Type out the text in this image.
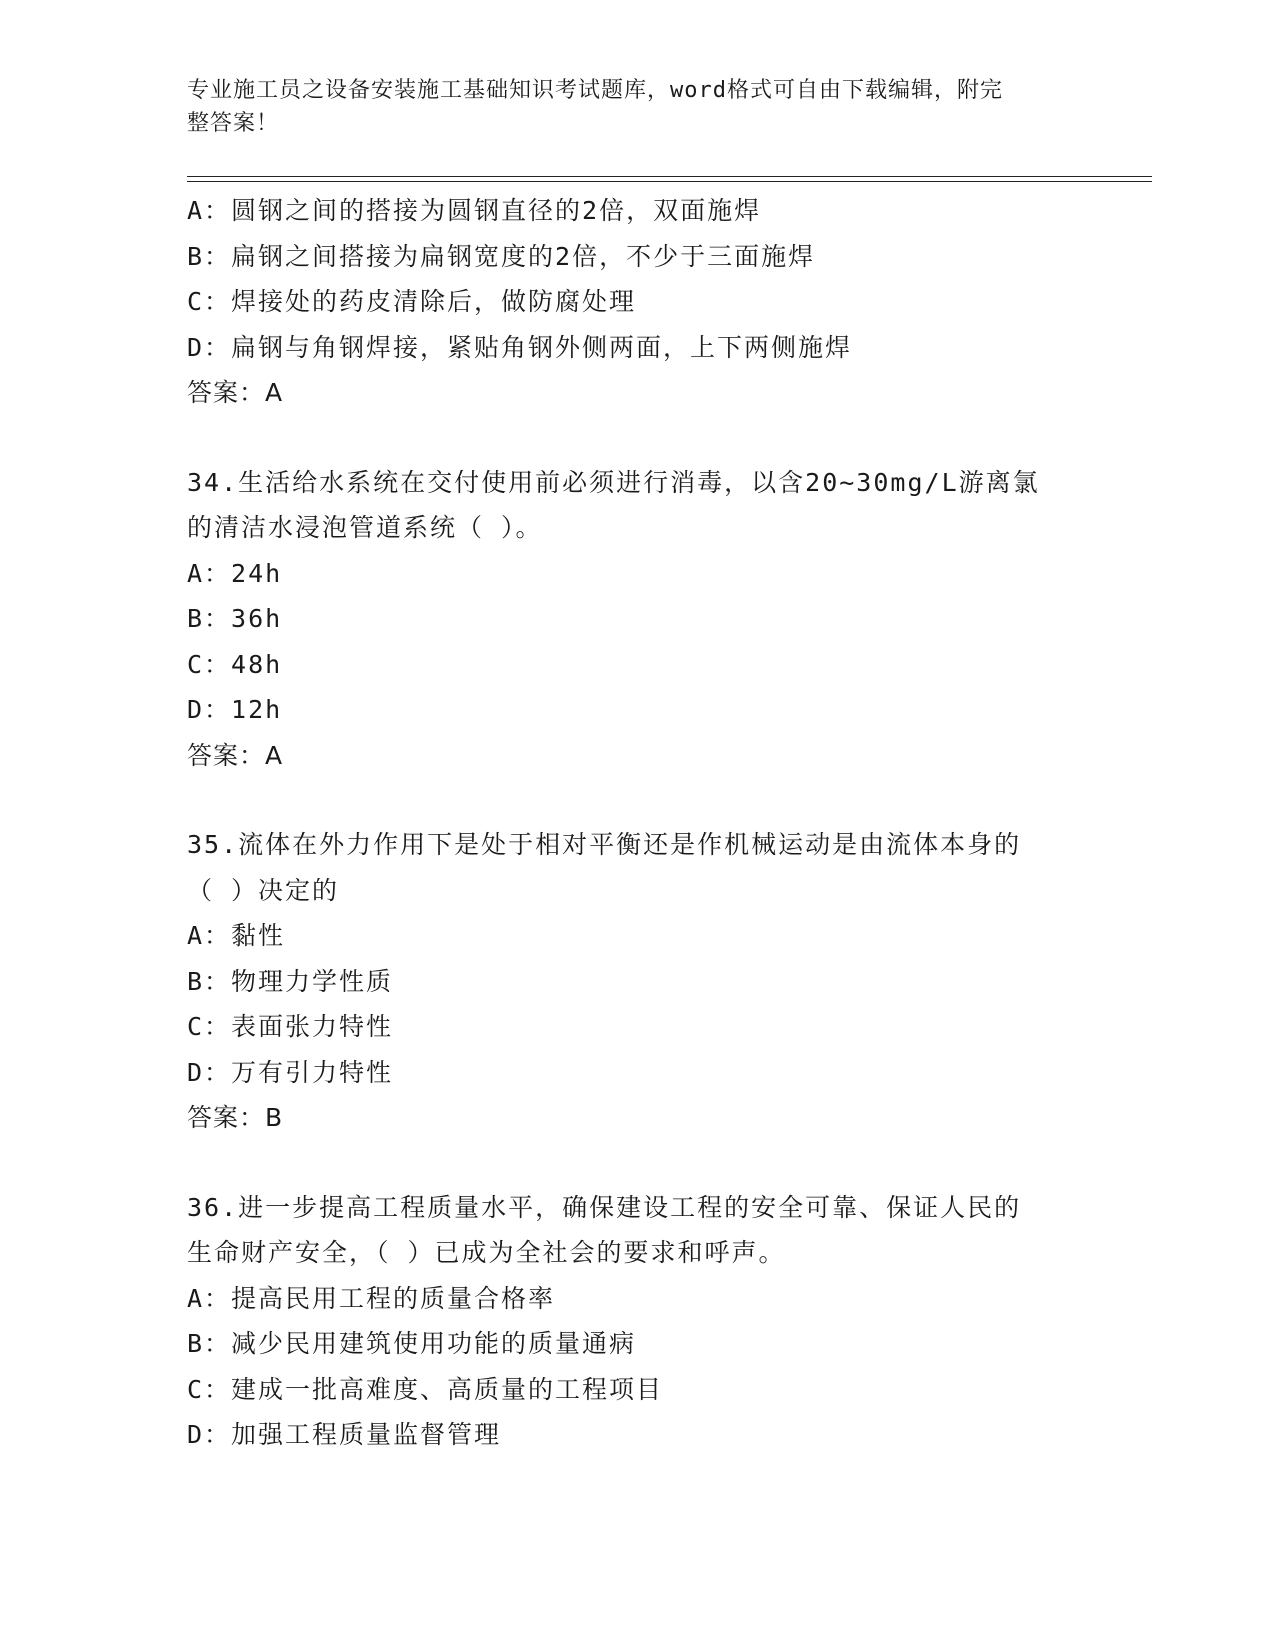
专业施工员之设备安装施工基础知识考试题库，word格式可自由下载编辑，附完
整答案！
A：圆钢之间的搭接为圆钢直径的2倍，双面施焊
B：扁钢之间搭接为扁钢宽度的2倍，不少于三面施焊
C：焊接处的药皮清除后，做防腐处理
D：扁钢与角钢焊接，紧贴角钢外侧两面，上下两侧施焊
答案：A
34.生活给水系统在交付使用前必须进行消毒，以含20~30mg/L游离氯
的清洁水浸泡管道系统（ ）。
A：24h
B：36h
C：48h
D：12h
答案：A
35.流体在外力作用下是处于相对平衡还是作机械运动是由流体本身的
（ ）决定的
A：黏性
B：物理力学性质
C：表面张力特性
D：万有引力特性
答案：B
36.进一步提高工程质量水平，确保建设工程的安全可靠、保证人民的
生命财产安全，（ ）已成为全社会的要求和呼声。
A：提高民用工程的质量合格率
B：减少民用建筑使用功能的质量通病
C：建成一批高难度、高质量的工程项目
D：加强工程质量监督管理
